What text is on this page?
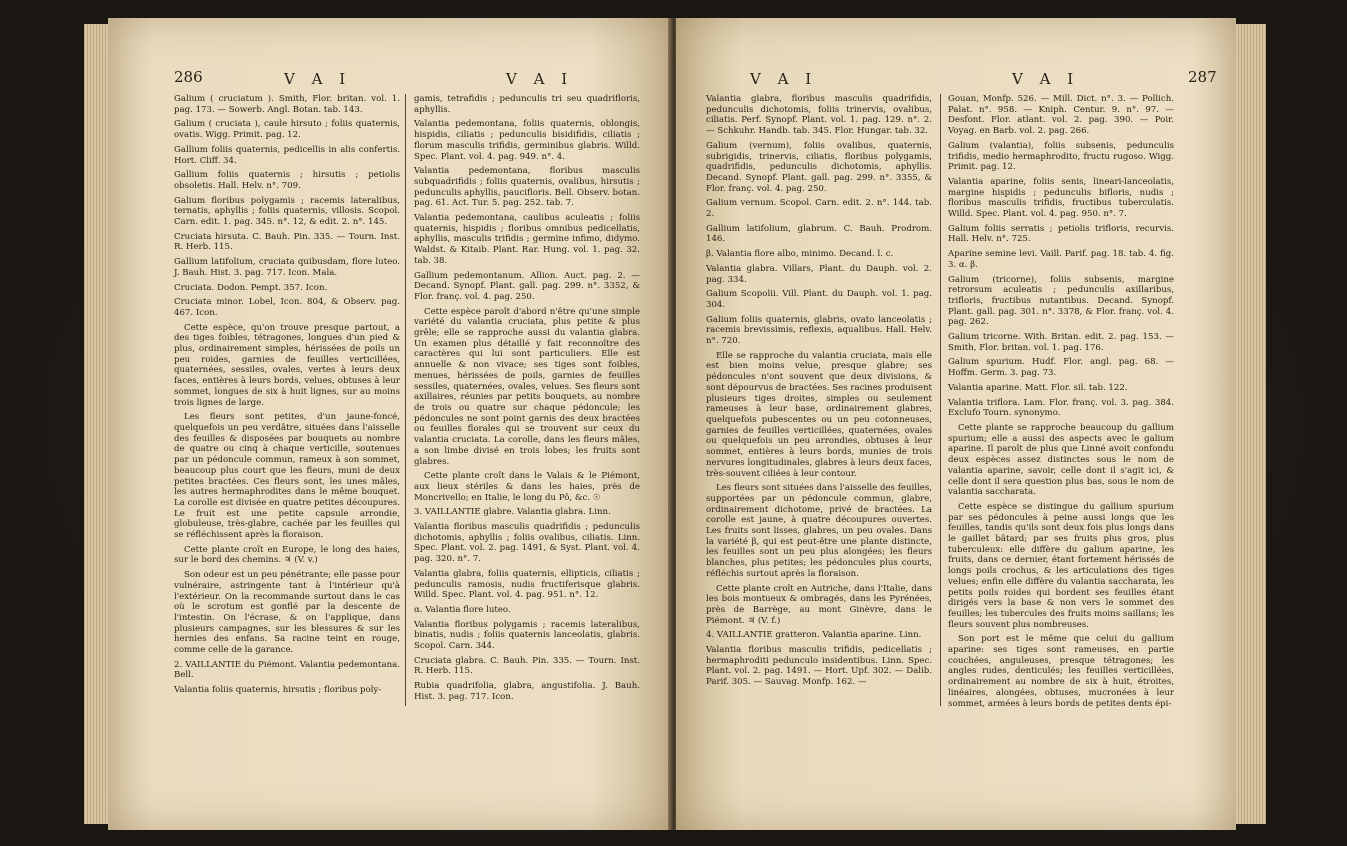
286	V A I	V A I

Galium ( cruciatum ). Smith, Flor. britan. vol. 1. pag. 173. — Sowerb. Angl. Botan. tab. 143.

Galium ( cruciata ), caule hirsuto ; foliis quaternis, ovatis. Wigg. Primit. pag. 12.

Gallium foliis quaternis, pedicellis in alis confertis. Hort. Cliff. 34.

Gallium foliis quaternis ; hirsutis ; petiolis obsoletis. Hall. Helv. n°. 709.

Galium floribus polygamis ; racemis lateralibus, ternatis, aphyllis ; foliis quaternis, villosis. Scopol. Carn. edit. 1. pag. 345. n°. 12, & edit. 2. n°. 145.

Cruciata hirsuta. C. Bauh. Pin. 335. — Tourn. Inst. R. Herb. 115.

Gallium latifolium, cruciata quibusdam, flore luteo. J. Bauh. Hist. 3. pag. 717. Icon. Mala.

Cruciata. Dodon. Pempt. 357. Icon.

Cruciata minor. Lobel, Icon. 804, & Observ. pag. 467. Icon.

Cette espèce, qu'on trouve presque partout, a des tiges foibles, tétragones, longues d'un pied & plus, ordinairement simples, hérissées de poils un peu roides, garnies de feuilles verticillées, quaternées, sessiles, ovales, vertes à leurs deux faces, entières à leurs bords, velues, obtuses à leur sommet, longues de six à huit lignes, sur au moins trois lignes de large.

Les fleurs sont petites, d'un jaune-foncé, quelquefois un peu verdâtre, situées dans l'aisselle des feuilles & disposées par bouquets au nombre de quatre ou cinq à chaque verticille, soutenues par un pédoncule commun, rameux à son sommet, beaucoup plus court que les fleurs, muni de deux petites bractées. Ces fleurs sont, les unes mâles, les autres hermaphrodites dans le même bouquet. La corolle est divisée en quatre petites découpures. Le fruit est une petite capsule arrondie, globuleuse, très-glabre, cachée par les feuilles qui se réfléchissent après la floraison.

Cette plante croît en Europe, le long des haies, sur le bord des chemins. ♃ (V. v.)

Son odeur est un peu pénétrante; elle passe pour vulnéraire, astringente tant à l'intérieur qu'à l'extérieur. On la recommande surtout dans le cas où le scrotum est gonflé par la descente de l'intestin. On l'écrase, & on l'applique, dans plusieurs campagnes, sur les blessures & sur les hernies des enfans. Sa racine teint en rouge, comme celle de la garance.

2. VAILLANTIE du Piémont. Valantia pedemontana. Bell.

Valantia foliis quaternis, hirsutis ; floribus poly-

gamis, tetrafidis ; pedunculis tri seu quadrifloris, aphyllis.

Valantia pedemontana, foliis quaternis, oblongis, hispidis, ciliatis ; pedunculis bisidifidis, ciliatis ; florum masculis trifidis, germinibus glabris. Willd. Spec. Plant. vol. 4. pag. 949. n°. 4.

Valantia pedemontana, floribus masculis subquadrifidis ; foliis quaternis, ovalibus, hirsutis ; pedunculis aphyllis, paucifloris. Bell. Observ. botan. pag. 61. Act. Tur. 5. pag. 252. tab. 7.

Valantia pedemontana, caulibus aculeatis ; foliis quaternis, hispidis ; floribus omnibus pedicellatis, aphyllis, masculis trifidis ; germine infimo, didymo. Waldst. & Kitaib. Plant. Rar. Hung. vol. 1. pag. 32. tab. 38.

Gallium pedemontanum. Allion. Auct. pag. 2. — Decand. Synopf. Plant. gall. pag. 299. n°. 3352, & Flor. franç. vol. 4. pag. 250.

Cette espèce paroît d'abord n'être qu'une simple variété du valantia cruciata, plus petite & plus grêle; elle se rapproche aussi du valantia glabra. Un examen plus détaillé y fait reconnoître des caractères qui lui sont particuliers. Elle est annuelle & non vivace; ses tiges sont foibles, menues, hérissées de poils, garnies de feuilles sessiles, quaternées, ovales, velues. Ses fleurs sont axillaires, réunies par petits bouquets, au nombre de trois ou quatre sur chaque pédoncule; les pédoncules ne sont point garnis des deux bractées ou feuilles florales qui se trouvent sur ceux du valantia cruciata. La corolle, dans les fleurs mâles, a son limbe divisé en trois lobes; les fruits sont glabres.

Cette plante croît dans le Valais & le Piémont, aux lieux stériles & dans les haies, près de Moncrivello; en Italie, le long du Pô, &c. ☉

3. VAILLANTIE glabre. Valantia glabra. Linn.

Valantia floribus masculis quadrifidis ; pedunculis dichotomis, aphyllis ; foliis ovalibus, ciliatis. Linn. Spec. Plant. vol. 2. pag. 1491, & Syst. Plant. vol. 4. pag. 320. n°. 7.

Valantia glabra, foliis quaternis, ellipticis, ciliatis ; pedunculis ramosis, nudis fructiferisque glabris. Willd. Spec. Plant. vol. 4. pag. 951. n°. 12.

α. Valantia flore luteo.

Valantia floribus polygamis ; racemis lateralibus, binatis, nudis ; foliis quaternis lanceolatis, glabris. Scopol. Carn. 344.

Cruciata glabra. C. Bauh. Pin. 335. — Tourn. Inst. R. Herb. 115.

Rubia quadrifolia, glabra, angustifolia. J. Bauh. Hist. 3. pag. 717. Icon.

V A I	V A I	287

Valantia glabra, floribus masculis quadrifidis, pedunculis dichotomis, foliis trinervis, ovalibus, ciliatis. Perf. Synopf. Plant. vol. 1. pag. 129. n°. 2. — Schkuhr. Handb. tab. 345. Flor. Hungar. tab. 32.

Galium (vernum), foliis ovalibus, quaternis, subrigidis, trinervis, ciliatis, floribus polygamis, quadrifidis, pedunculis dichotomis, aphyllis. Decand. Synopf. Plant. gall. pag. 299. n°. 3355, & Flor. franç. vol. 4. pag. 250.

Galium vernum. Scopol. Carn. edit. 2. n°. 144. tab. 2.

Gallium latifolium, glabrum. C. Bauh. Prodrom. 146.

β. Valantia flore albo, minimo. Decand. l. c.

Valantia glabra. Villars, Plant. du Dauph. vol. 2. pag. 334.

Galium Scopolii. Vill. Plant. du Dauph. vol. 1. pag. 304.

Galium foliis quaternis, glabris, ovato lanceolatis ; racemis brevissimis, reflexis, aqualibus. Hall. Helv. n°. 720.

Elle se rapproche du valantia cruciata, mais elle est bien moins velue, presque glabre; ses pédoncules n'ont souvent que deux divisions, & sont dépourvus de bractées. Ses racines produisent plusieurs tiges droites, simples ou seulement rameuses à leur base, ordinairement glabres, quelquefois pubescentes ou un peu cotonneuses, garnies de feuilles verticillées, quaternées, ovales ou quelquefois un peu arrondies, obtuses à leur sommet, entières à leurs bords, munies de trois nervures longitudinales, glabres à leurs deux faces, très-souvent ciliées à leur contour.

Les fleurs sont situées dans l'aisselle des feuilles, supportées par un pédoncule commun, glabre, ordinairement dichotome, privé de bractées. La corolle est jaune, à quatre découpures ouvertes. Les fruits sont lisses, glabres, un peu ovales. Dans la variété β, qui est peut-être une plante distincte, les feuilles sont un peu plus alongées; les fleurs blanches, plus petites; les pédoncules plus courts, réfléchis surtout après la floraison.

Cette plante croît en Autriche, dans l'Italie, dans les bois montueux & ombragés, dans les Pyrénées, près de Barrège, au mont Ginèvre, dans le Piémont. ♃ (V. f.)

4. VAILLANTIE gratteron. Valantia aparine. Linn.

Valantia floribus masculis trifidis, pedicellatis ; hermaphroditi pedunculo insidentibus. Linn. Spec. Plant. vol. 2. pag. 1491. — Hort. Upf. 302. — Dalib. Parif. 305. — Sauvag. Monfp. 162. —

Gouan, Monfp. 526. — Mill. Dict. n°. 3. — Pollich. Palat. n°. 958. — Kniph. Centur. 9. n°. 97. — Desfont. Flor. atlant. vol. 2. pag. 390. — Poir. Voyag. en Barb. vol. 2. pag. 266.

Galium (valantia), foliis subsenis, pedunculis trifidis, medio hermaphrodito, fructu rugoso. Wigg. Primit. pag. 12.

Valantia aparine, foliis senis, lineari-lanceolatis, margine hispidis ; pedunculis bifloris, nudis ; floribus masculis trifidis, fructibus tuberculatis. Willd. Spec. Plant. vol. 4. pag. 950. n°. 7.

Galium foliis serratis ; petiolis trifloris, recurvis. Hall. Helv. n°. 725.

Aparine semine levi. Vaill. Parif. pag. 18. tab. 4. fig. 3. α. β.

Galium (tricorne), foliis subsenis, margine retrorsum aculeatis ; pedunculis axillaribus, trifloris, fructibus nutantibus. Decand. Synopf. Plant. gall. pag. 301. n°. 3378, & Flor. franç. vol. 4. pag. 262.

Galium tricorne. With. Britan. edit. 2. pag. 153. — Smith, Flor. britan. vol. 1. pag. 176.

Galium spurium. Hudf. Flor. angl. pag. 68. — Hoffm. Germ. 3. pag. 73.

Valantia aparine. Matt. Flor. sil. tab. 122.

Valantia triflora. Lam. Flor. franç. vol. 3. pag. 384. Exclufo Tourn. synonymo.

Cette plante se rapproche beaucoup du gallium spurium; elle a aussi des aspects avec le galium aparine. Il paroît de plus que Linné avoit confondu deux espèces assez distinctes sous le nom de valantia aparine, savoir, celle dont il s'agit ici, & celle dont il sera question plus bas, sous le nom de valantia saccharata.

Cette espèce se distingue du gallium spurium par ses pédoncules à peine aussi longs que les feuilles, tandis qu'ils sont deux fois plus longs dans le gaillet bâtard; par ses fruits plus gros, plus tuberculeux: elle diffère du galium aparine, les fruits, dans ce dernier, étant fortement hérissés de longs poils crochus, & les articulations des tiges velues; enfin elle diffère du valantia saccharata, les petits poils roides qui bordent ses feuilles étant dirigés vers la base & non vers le sommet des feuilles; les tubercules des fruits moins saillans; les fleurs souvent plus nombreuses.

Son port est le même que celui du gallium aparine: ses tiges sont rameuses, en partie couchées, anguleuses, presque tétragones; les angles rudes, denticulés; les feuilles verticillées, ordinairement au nombre de six à huit, étroites, linéaires, alongées, obtuses, mucronées à leur sommet, armées à leurs bords de petites dents épi-
